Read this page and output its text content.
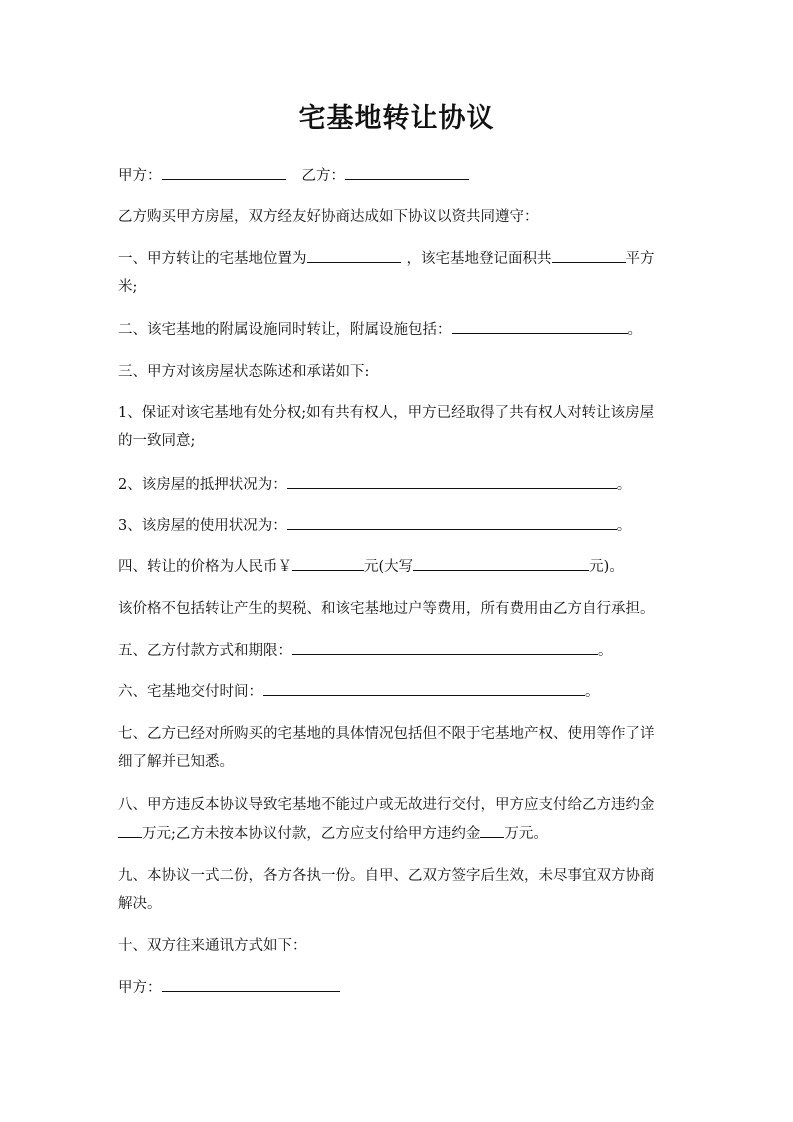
宅基地转让协议

甲方：	乙方：

乙方购买甲方房屋，双方经友好协商达成如下协议以资共同遵守：

一、甲方转让的宅基地位置为	，该宅基地登记面积共	平方

米;

二、该宅基地的附属设施同时转让，附属设施包括：	。

三、甲方对该房屋状态陈述和承诺如下:

1、保证对该宅基地有处分权;如有共有权人，甲方已经取得了共有权人对转让该房屋

的一致同意;

2、该房屋的抵押状况为：	。

3、该房屋的使用状况为：	。

四、转让的价格为人民币￥	元(大写	元)。

该价格不包括转让产生的契税、和该宅基地过户等费用，所有费用由乙方自行承担。

五、乙方付款方式和期限：	。

六、宅基地交付时间：	。

七、乙方已经对所购买的宅基地的具体情况包括但不限于宅基地产权、使用等作了详

细了解并已知悉。

八、甲方违反本协议导致宅基地不能过户或无故进行交付，甲方应支付给乙方违约金

万元;乙方未按本协议付款，乙方应支付给甲方违约金 万元。

九、本协议一式二份，各方各执一份。自甲、乙双方签字后生效，未尽事宜双方协商

解决。

十、双方往来通讯方式如下：

甲方：
